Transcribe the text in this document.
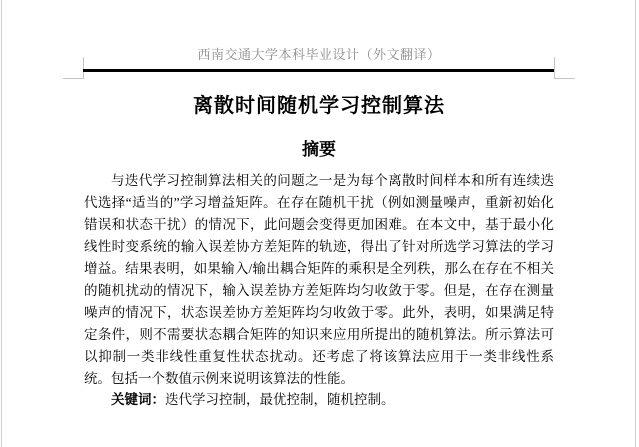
西南交通大学本科毕业设计（外文翻译）
离散时间随机学习控制算法
摘要
与迭代学习控制算法相关的问题之一是为每个离散时间样本和所有连续迭代选择“适当的”学习增益矩阵。在存在随机干扰（例如测量噪声，重新初始化错误和状态干扰）的情况下，此问题会变得更加困难。在本文中，基于最小化线性时变系统的输入误差协方差矩阵的轨迹，得出了针对所选学习算法的学习增益。结果表明，如果输入/输出耦合矩阵的乘积是全列秩，那么在存在不相关的随机扰动的情况下，输入误差协方差矩阵均匀收敛于零。但是，在存在测量噪声的情况下，状态误差协方差矩阵均匀收敛于零。此外，表明，如果满足特定条件，则不需要状态耦合矩阵的知识来应用所提出的随机算法。所示算法可以抑制一类非线性重复性状态扰动。还考虑了将该算法应用于一类非线性系统。包括一个数值示例来说明该算法的性能。
关键词：迭代学习控制，最优控制，随机控制。
